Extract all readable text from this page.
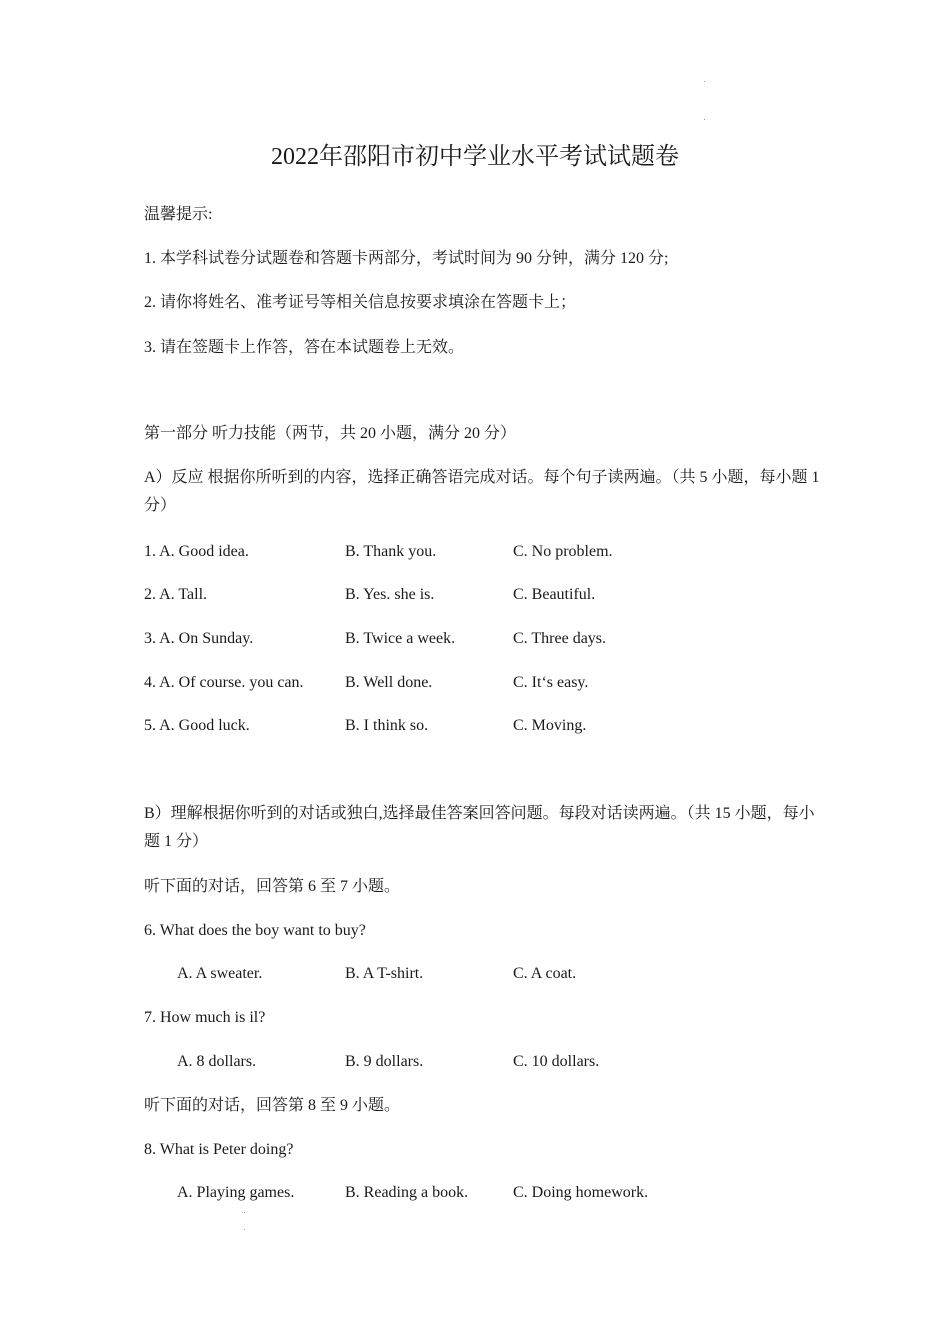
2022年邵阳市初中学业水平考试试题卷
温馨提示:
1. 本学科试卷分试题卷和答题卡两部分，考试时间为 90 分钟，满分 120 分;
2. 请你将姓名、准考证号等相关信息按要求填涂在答题卡上；
3. 请在签题卡上作答，答在本试题卷上无效。
第一部分 听力技能（两节，共 20 小题，满分 20 分）
A）反应 根据你所听到的内容，选择正确答语完成对话。每个句子读两遍。（共 5 小题，每小题 1 分）
1. A. Good idea.	B. Thank you.	C. No problem.
2. A. Tall.	B. Yes. she is.	C. Beautiful.
3. A. On Sunday.	B. Twice a week.	C. Three days.
4. A. Of course. you can.	B. Well done.	C. It‘s easy.
5. A. Good luck.	B. I think so.	C. Moving.
B）理解根据你听到的对话或独白,选择最佳答案回答问题。每段对话读两遍。（共 15 小题，每小题 1 分）
听下面的对话，回答第 6 至 7 小题。
6. What does the boy want to buy?
A. A sweater.	B. A T-shirt.	C. A coat.
7. How much is il?
A. 8 dollars.	B. 9 dollars.	C. 10 dollars.
听下面的对话，回答第 8 至 9 小题。
8. What is Peter doing?
A. Playing games.	B. Reading a book.	C. Doing homework.
